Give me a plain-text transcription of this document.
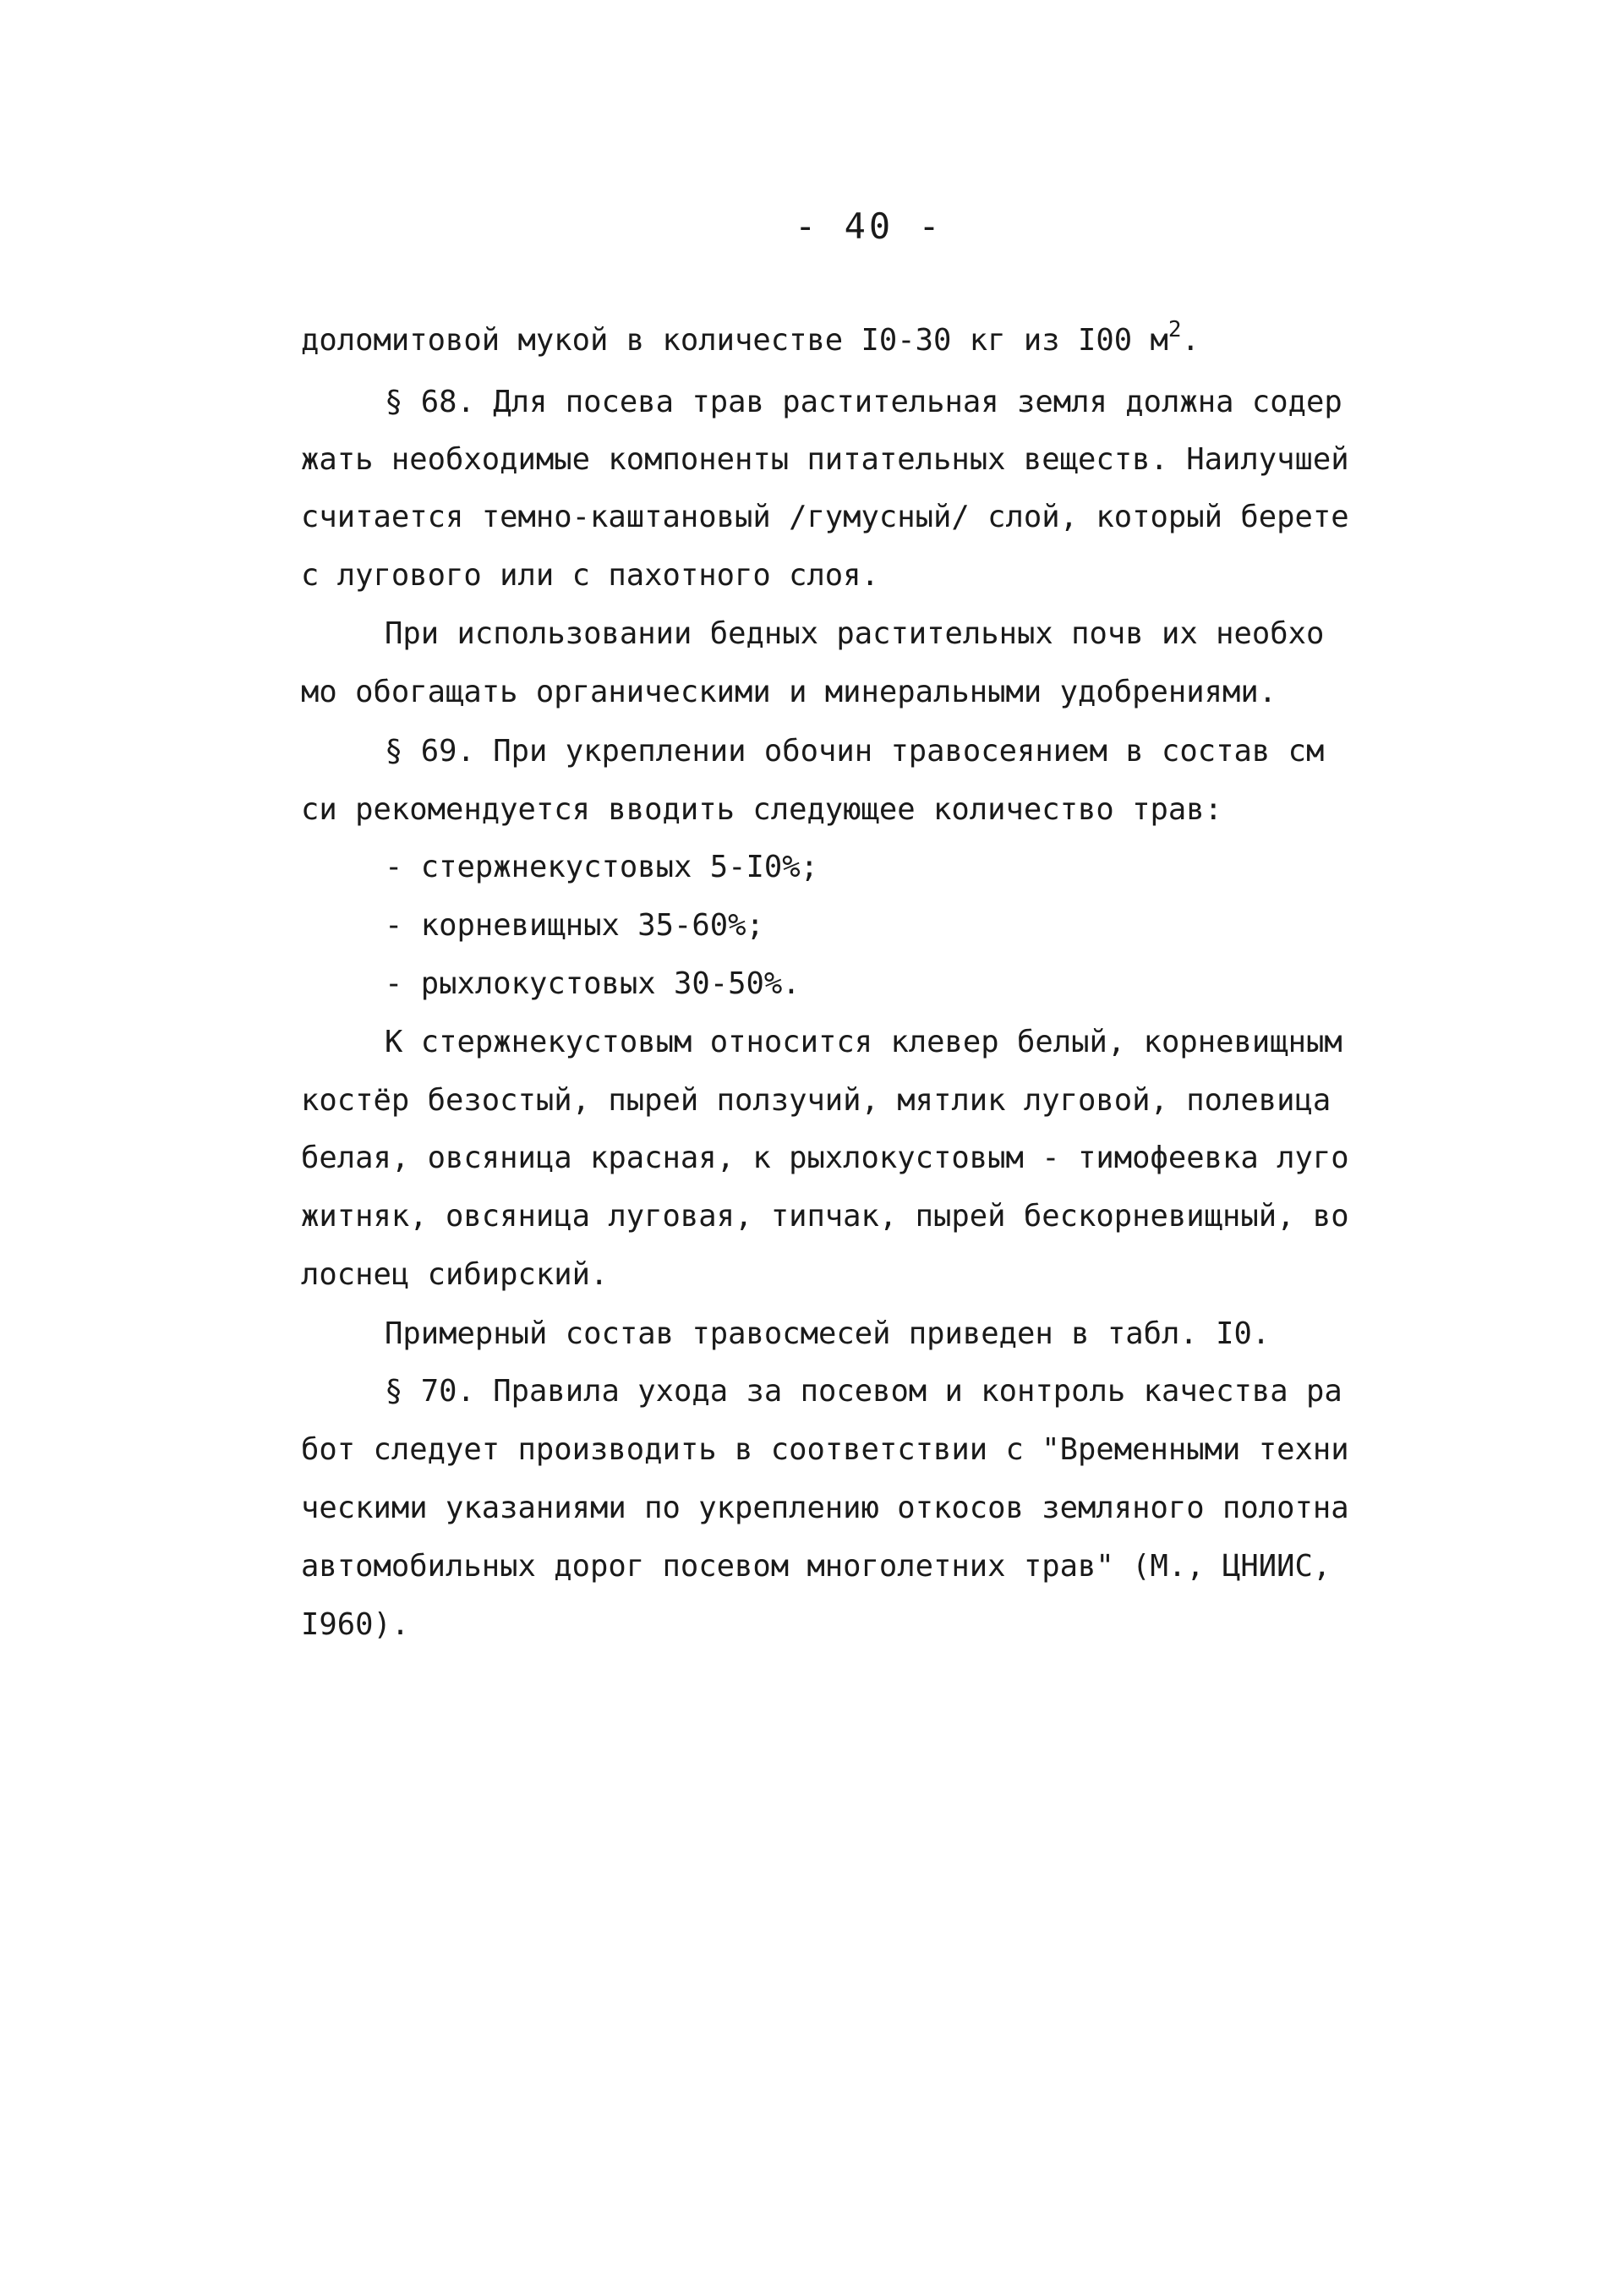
- 40 -
доломитовой мукой в количестве I0-30 кг из I00 $м^2$.
§ 68. Для посева трав растительная земля должна содер
жать необходимые компоненты питательных веществ. Наилучшей
считается темно-каштановый /гумусный/ слой, который берете
с лугового или с пахотного слоя.
При использовании бедных растительных почв их необхо
мо обогащать органическими и минеральными удобрениями.
§ 69. При укреплении обочин травосеянием в состав см
си рекомендуется вводить следующее количество трав:
- стержнекустовых 5-I0%;
- корневищных 35-60%;
- рыхлокустовых 30-50%.
К стержнекустовым относится клевер белый, корневищным
костёр безостый, пырей ползучий, мятлик луговой, полевица
белая, овсяница красная, к рыхлокустовым - тимофеевка луго
житняк, овсяница луговая, типчак, пырей бескорневищный, во
лоснец сибирский.
Примерный состав травосмесей приведен в табл. I0.
§ 70. Правила ухода за посевом и контроль качества ра
бот следует производить в соответствии с "Временными техни
ческими указаниями по укреплению откосов земляного полотна
автомобильных дорог посевом многолетних трав" (М., ЦНИИС,
I960).
